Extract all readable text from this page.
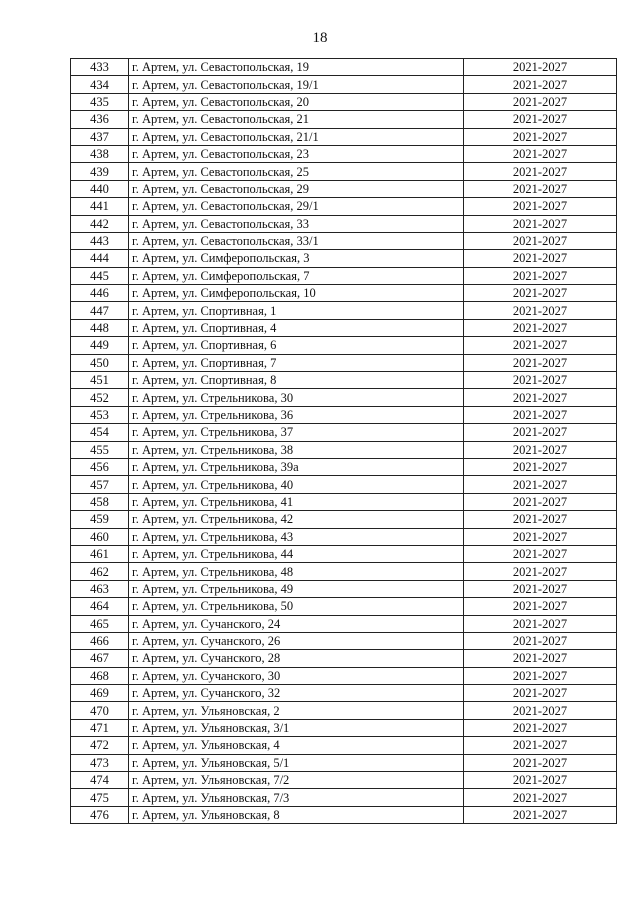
18
433	г. Артем, ул. Севастопольская, 19	2021-2027
434	г. Артем, ул. Севастопольская, 19/1	2021-2027
435	г. Артем, ул. Севастопольская, 20	2021-2027
436	г. Артем, ул. Севастопольская, 21	2021-2027
437	г. Артем, ул. Севастопольская, 21/1	2021-2027
438	г. Артем, ул. Севастопольская, 23	2021-2027
439	г. Артем, ул. Севастопольская, 25	2021-2027
440	г. Артем, ул. Севастопольская, 29	2021-2027
441	г. Артем, ул. Севастопольская, 29/1	2021-2027
442	г. Артем, ул. Севастопольская, 33	2021-2027
443	г. Артем, ул. Севастопольская, 33/1	2021-2027
444	г. Артем, ул. Симферопольская, 3	2021-2027
445	г. Артем, ул. Симферопольская, 7	2021-2027
446	г. Артем, ул. Симферопольская, 10	2021-2027
447	г. Артем, ул. Спортивная, 1	2021-2027
448	г. Артем, ул. Спортивная, 4	2021-2027
449	г. Артем, ул. Спортивная, 6	2021-2027
450	г. Артем, ул. Спортивная, 7	2021-2027
451	г. Артем, ул. Спортивная, 8	2021-2027
452	г. Артем, ул. Стрельникова, 30	2021-2027
453	г. Артем, ул. Стрельникова, 36	2021-2027
454	г. Артем, ул. Стрельникова, 37	2021-2027
455	г. Артем, ул. Стрельникова, 38	2021-2027
456	г. Артем, ул. Стрельникова, 39а	2021-2027
457	г. Артем, ул. Стрельникова, 40	2021-2027
458	г. Артем, ул. Стрельникова, 41	2021-2027
459	г. Артем, ул. Стрельникова, 42	2021-2027
460	г. Артем, ул. Стрельникова, 43	2021-2027
461	г. Артем, ул. Стрельникова, 44	2021-2027
462	г. Артем, ул. Стрельникова, 48	2021-2027
463	г. Артем, ул. Стрельникова, 49	2021-2027
464	г. Артем, ул. Стрельникова, 50	2021-2027
465	г. Артем, ул. Сучанского, 24	2021-2027
466	г. Артем, ул. Сучанского, 26	2021-2027
467	г. Артем, ул. Сучанского, 28	2021-2027
468	г. Артем, ул. Сучанского, 30	2021-2027
469	г. Артем, ул. Сучанского, 32	2021-2027
470	г. Артем, ул. Ульяновская, 2	2021-2027
471	г. Артем, ул. Ульяновская, 3/1	2021-2027
472	г. Артем, ул. Ульяновская, 4	2021-2027
473	г. Артем, ул. Ульяновская, 5/1	2021-2027
474	г. Артем, ул. Ульяновская, 7/2	2021-2027
475	г. Артем, ул. Ульяновская, 7/3	2021-2027
476	г. Артем, ул. Ульяновская, 8	2021-2027
